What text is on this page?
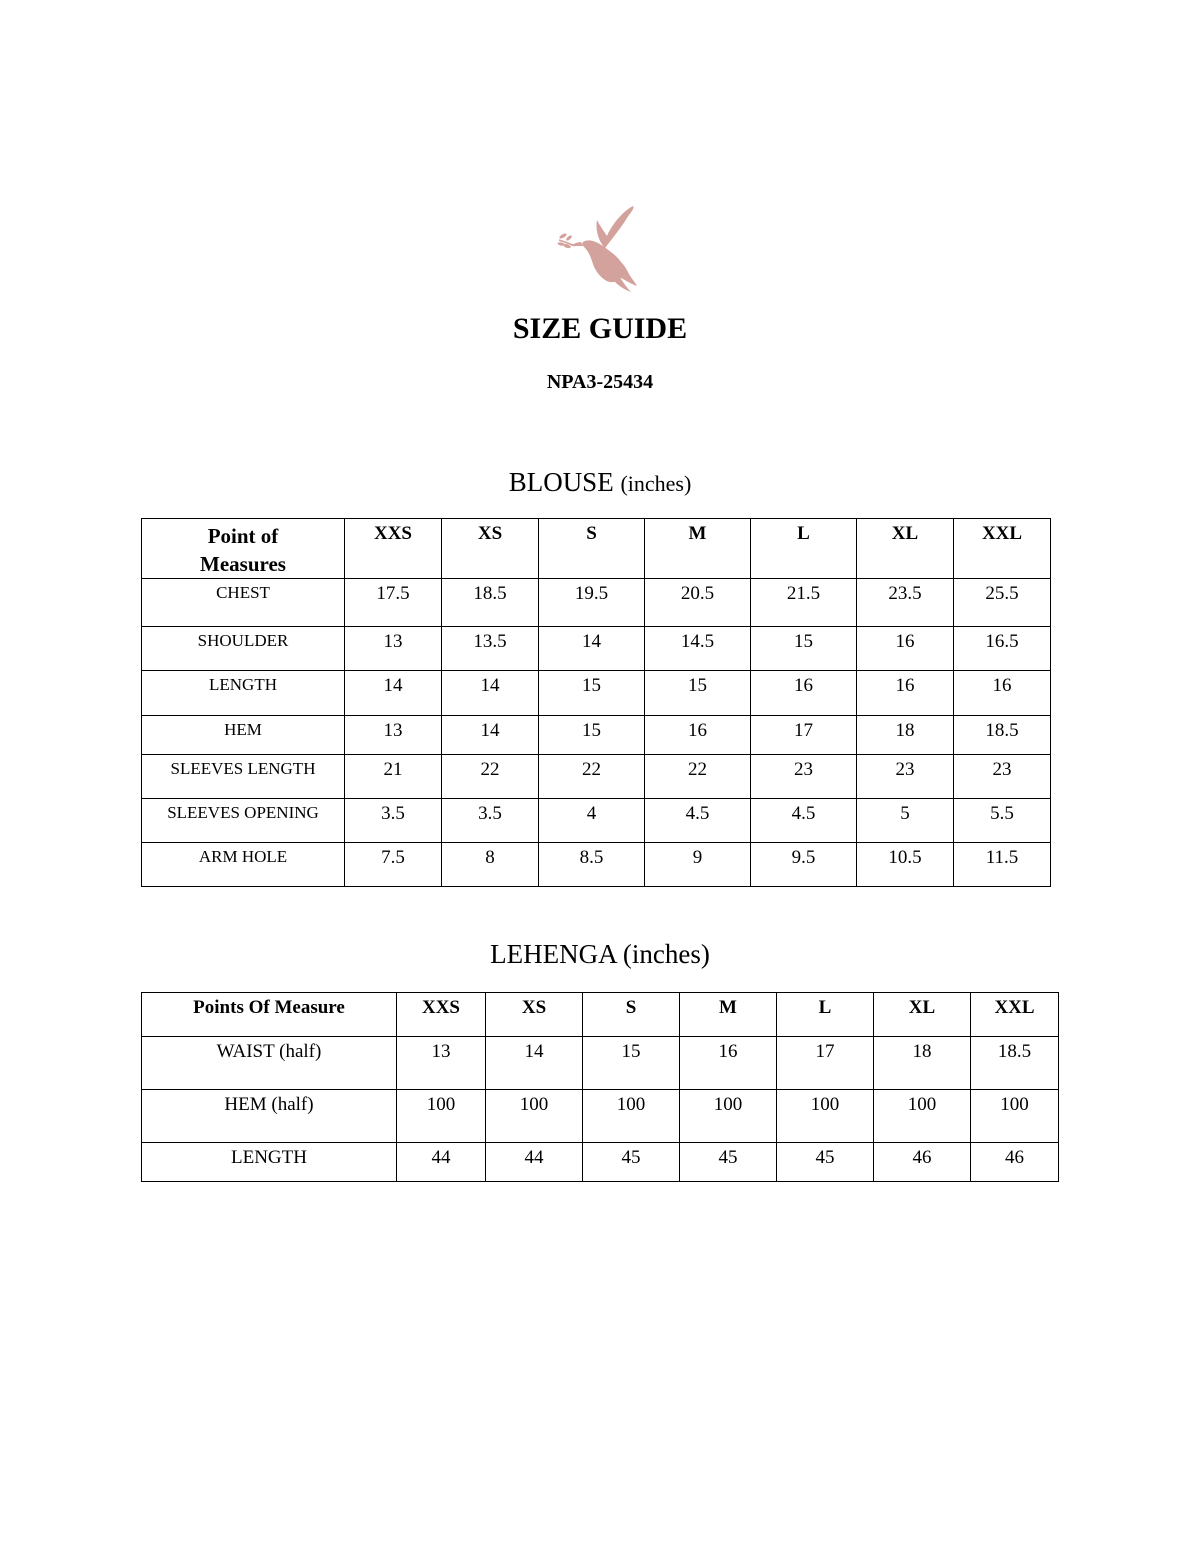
SIZE GUIDE
NPA3-25434
BLOUSE (inches)
Point of
Measures	XXS	XS	S	M	L	XL	XXL
CHEST	17.5	18.5	19.5	20.5	21.5	23.5	25.5
SHOULDER	13	13.5	14	14.5	15	16	16.5
LENGTH	14	14	15	15	16	16	16
HEM	13	14	15	16	17	18	18.5
SLEEVES LENGTH	21	22	22	22	23	23	23
SLEEVES OPENING	3.5	3.5	4	4.5	4.5	5	5.5
ARM HOLE	7.5	8	8.5	9	9.5	10.5	11.5
LEHENGA (inches)
Points Of Measure	XXS	XS	S	M	L	XL	XXL
WAIST (half)	13	14	15	16	17	18	18.5
HEM (half)	100	100	100	100	100	100	100
LENGTH	44	44	45	45	45	46	46
